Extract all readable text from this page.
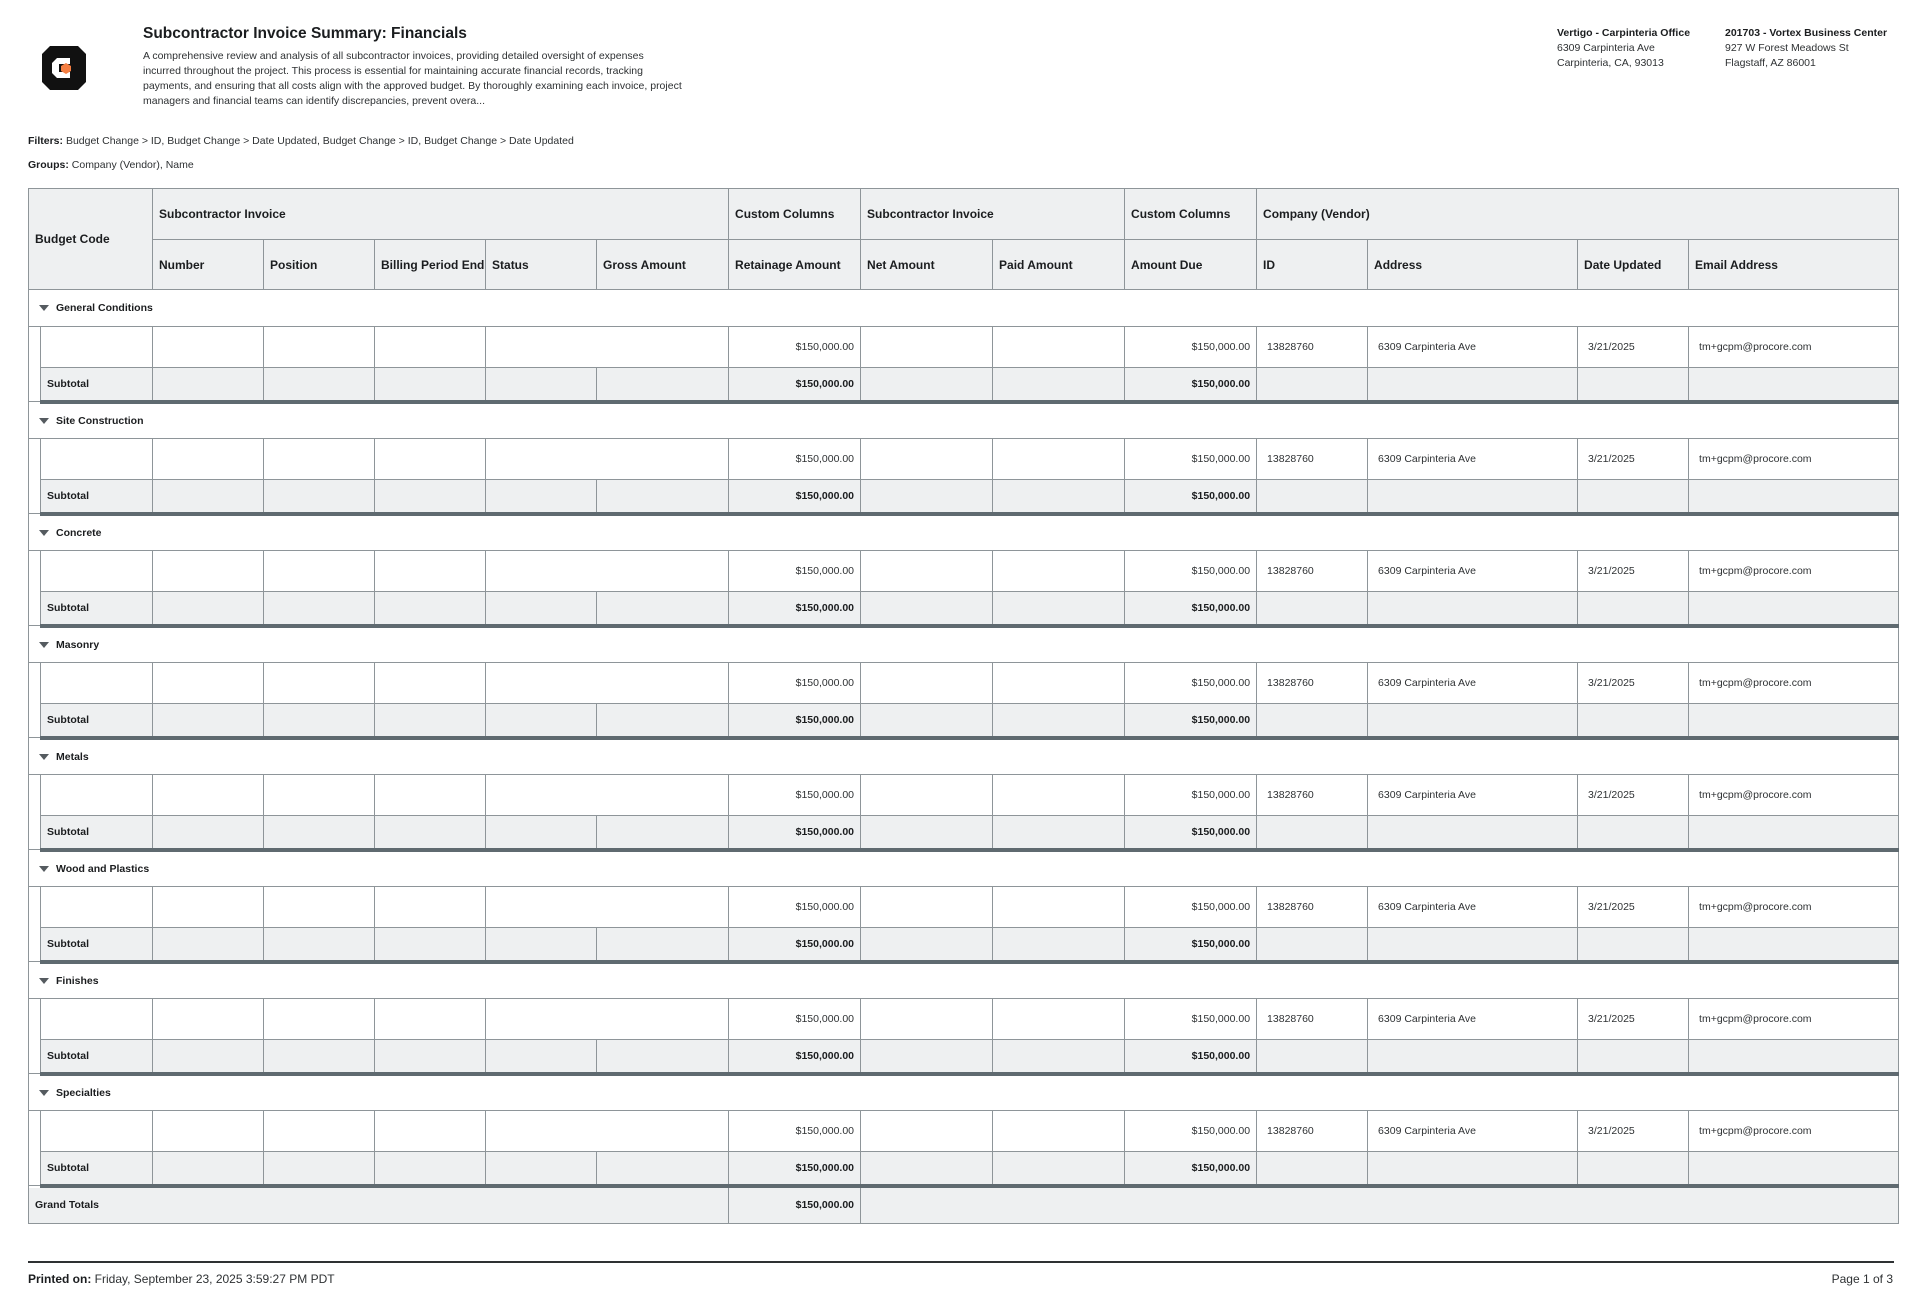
Subcontractor Invoice Summary: Financials
A comprehensive review and analysis of all subcontractor invoices, providing detailed oversight of expenses incurred throughout the project. This process is essential for maintaining accurate financial records, tracking payments, and ensuring that all costs align with the approved budget. By thoroughly examining each invoice, project managers and financial teams can identify discrepancies, prevent overa...
Vertigo - Carpinteria Office
6309 Carpinteria Ave
Carpinteria, CA, 93013
201703 - Vortex Business Center
927 W Forest Meadows St
Flagstaff, AZ 86001
Filters: Budget Change > ID, Budget Change > Date Updated, Budget Change > ID, Budget Change > Date Updated
Groups: Company (Vendor), Name
Budget Code		Subcontractor Invoice					Custom Columns	Subcontractor Invoice		Custom Columns	Company (Vendor)			
		Number	Position	Billing Period End	Status	Gross Amount	Retainage Amount	Net Amount	Paid Amount	Amount Due	ID	Address	Date Updated	Email Address
General Conditions														
							$150,000.00			$150,000.00	13828760	6309 Carpinteria Ave	3/21/2025	tm+gcpm@procore.com
	Subtotal						$150,000.00			$150,000.00				
Site Construction														
							$150,000.00			$150,000.00	13828760	6309 Carpinteria Ave	3/21/2025	tm+gcpm@procore.com
	Subtotal						$150,000.00			$150,000.00				
Concrete														
							$150,000.00			$150,000.00	13828760	6309 Carpinteria Ave	3/21/2025	tm+gcpm@procore.com
	Subtotal						$150,000.00			$150,000.00				
Masonry														
							$150,000.00			$150,000.00	13828760	6309 Carpinteria Ave	3/21/2025	tm+gcpm@procore.com
	Subtotal						$150,000.00			$150,000.00				
Metals														
							$150,000.00			$150,000.00	13828760	6309 Carpinteria Ave	3/21/2025	tm+gcpm@procore.com
	Subtotal						$150,000.00			$150,000.00				
Wood and Plastics														
							$150,000.00			$150,000.00	13828760	6309 Carpinteria Ave	3/21/2025	tm+gcpm@procore.com
	Subtotal						$150,000.00			$150,000.00				
Finishes														
							$150,000.00			$150,000.00	13828760	6309 Carpinteria Ave	3/21/2025	tm+gcpm@procore.com
	Subtotal						$150,000.00			$150,000.00				
Specialties														
							$150,000.00			$150,000.00	13828760	6309 Carpinteria Ave	3/21/2025	tm+gcpm@procore.com
	Subtotal						$150,000.00			$150,000.00				
Grand Totals							$150,000.00							
Printed on: Friday, September 23, 2025 3:59:27 PM PDT	Page 1 of 3
